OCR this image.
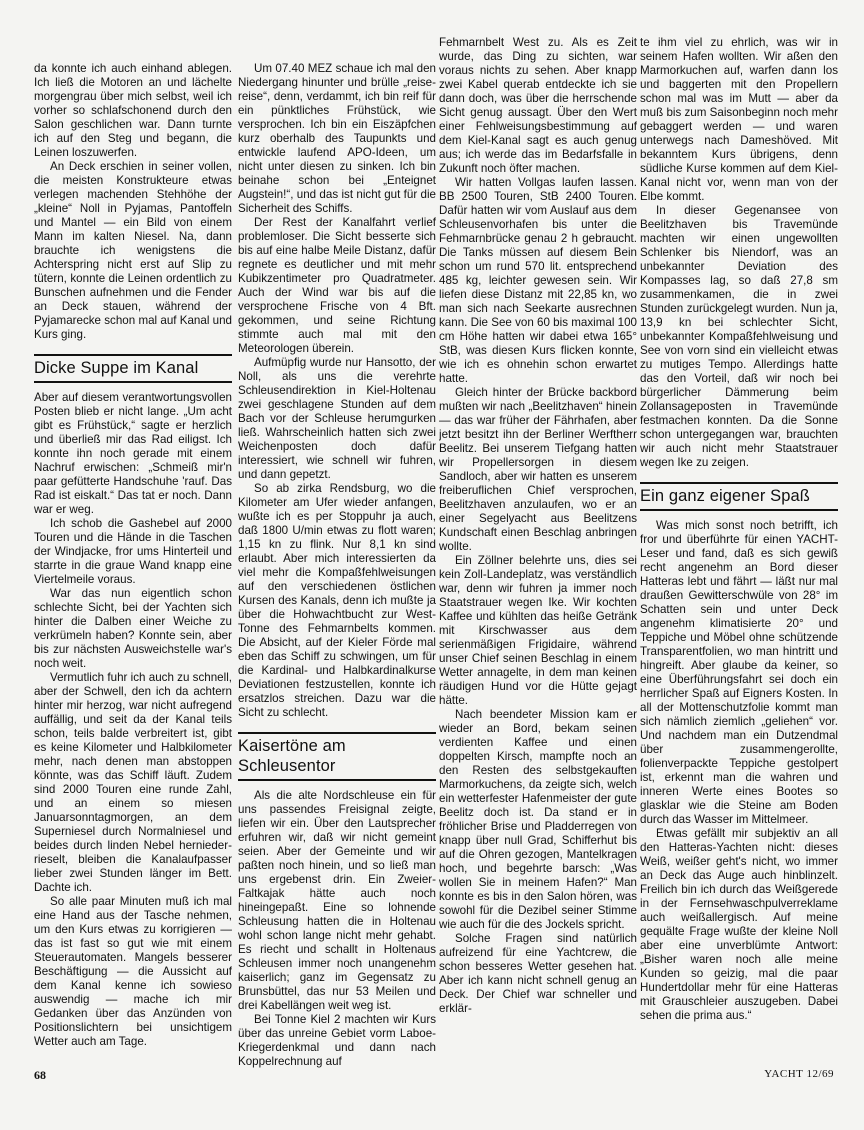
da konnte ich auch einhand ablegen. Ich ließ die Motoren an und lächelte morgengrau über mich selbst, weil ich vorher so schlafschonend durch den Salon geschlichen war. Dann turnte ich auf den Steg und begann, die Leinen loszuwerfen.

An Deck erschien in seiner vollen, die meisten Konstrukteure etwas verlegen machenden Stehhöhe der „kleine“ Noll in Pyjamas, Pantoffeln und Mantel — ein Bild von einem Mann im kalten Niesel. Na, dann brauchte ich wenigstens die Achterspring nicht erst auf Slip zu tütern, konnte die Leinen ordentlich zu Bunschen aufnehmen und die Fender an Deck stauen, während der Pyjamarecke schon mal auf Kanal und Kurs ging.

Dicke Suppe im Kanal

Aber auf diesem verantwortungsvollen Posten blieb er nicht lange. „Um acht gibt es Frühstück,“ sagte er herzlich und überließ mir das Rad eiligst. Ich konnte ihn noch gerade mit einem Nachruf erwischen: „Schmeiß mir'n paar gefütterte Handschuhe 'rauf. Das Rad ist eiskalt.“ Das tat er noch. Dann war er weg.

Ich schob die Gashebel auf 2000 Touren und die Hände in die Taschen der Windjacke, fror ums Hinterteil und starrte in die graue Wand knapp eine Viertelmeile voraus.

War das nun eigentlich schon schlechte Sicht, bei der Yachten sich hinter die Dalben einer Weiche zu verkrümeln haben? Konnte sein, aber bis zur nächsten Ausweichstelle war's noch weit.

Vermutlich fuhr ich auch zu schnell, aber der Schwell, den ich da achtern hinter mir herzog, war nicht aufregend auffällig, und seit da der Kanal teils schon, teils balde verbreitert ist, gibt es keine Kilometer und Halbkilometer mehr, nach denen man abstoppen könnte, was das Schiff läuft. Zudem sind 2000 Touren eine runde Zahl, und an einem so miesen Januarsonntagmorgen, an dem Superniesel durch Normalniesel und beides durch linden Nebel herniederrieselt, bleiben die Kanalaufpasser lieber zwei Stunden länger im Bett. Dachte ich.

So alle paar Minuten muß ich mal eine Hand aus der Tasche nehmen, um den Kurs etwas zu korrigieren — das ist fast so gut wie mit einem Steuerautomaten. Mangels besserer Beschäftigung — die Aussicht auf dem Kanal kenne ich sowieso auswendig — mache ich mir Gedanken über das Anzünden von Positionslichtern bei unsichtigem Wetter auch am Tage.

Um 07.40 MEZ schaue ich mal den Niedergang hinunter und brülle „reise-reise“, denn, verdammt, ich bin reif für ein pünktliches Frühstück, wie versprochen. Ich bin ein Eiszäpfchen kurz oberhalb des Taupunkts und entwickle laufend APO-Ideen, um nicht unter diesen zu sinken. Ich bin beinahe schon bei „Enteignet Augstein!“, und das ist nicht gut für die Sicherheit des Schiffs.

Der Rest der Kanalfahrt verlief problemloser. Die Sicht besserte sich bis auf eine halbe Meile Distanz, dafür regnete es deutlicher und mit mehr Kubikzentimeter pro Quadratmeter. Auch der Wind war bis auf die versprochene Frische von 4 Bft. gekommen, und seine Richtung stimmte auch mal mit den Meteorologen überein.

Aufmüpfig wurde nur Hansotto, der Noll, als uns die verehrte Schleusendirektion in Kiel-Holtenau zwei geschlagene Stunden auf dem Bach vor der Schleuse herumgurken ließ. Wahrscheinlich hatten sich zwei Weichenposten doch dafür interessiert, wie schnell wir fuhren, und dann gepetzt.

So ab zirka Rendsburg, wo die Kilometer am Ufer wieder anfangen, wußte ich es per Stoppuhr ja auch, daß 1800 U/min etwas zu flott waren; 1,15 kn zu flink. Nur 8,1 kn sind erlaubt. Aber mich interessierten da viel mehr die Kompaßfehlweisungen auf den verschiedenen östlichen Kursen des Kanals, denn ich mußte ja über die Hohwachtbucht zur West-Tonne des Fehmarnbelts kommen. Die Absicht, auf der Kieler Förde mal eben das Schiff zu schwingen, um für die Kardinal- und Halbkardinalkurse Deviationen festzustellen, konnte ich ersatzlos streichen. Dazu war die Sicht zu schlecht.

Kaisertöne am Schleusentor

Als die alte Nordschleuse ein für uns passendes Freisignal zeigte, liefen wir ein. Über den Lautsprecher erfuhren wir, daß wir nicht gemeint seien. Aber der Gemeinte und wir paßten noch hinein, und so ließ man uns ergebenst drin. Ein Zweier-Faltkajak hätte auch noch hineingepaßt. Eine so lohnende Schleusung hatten die in Holtenau wohl schon lange nicht mehr gehabt. Es riecht und schallt in Holtenaus Schleusen immer noch unangenehm kaiserlich; ganz im Gegensatz zu Brunsbüttel, das nur 53 Meilen und drei Kabellängen weit weg ist.

Bei Tonne Kiel 2 machten wir Kurs über das unreine Gebiet vorm Laboe-Kriegerdenkmal und dann nach Koppelrechnung auf

Fehmarnbelt West zu. Als es Zeit wurde, das Ding zu sichten, war voraus nichts zu sehen. Aber knapp zwei Kabel querab entdeckte ich sie dann doch, was über die herrschende Sicht genug aussagt. Über den Wert einer Fehlweisungsbestimmung auf dem Kiel-Kanal sagt es auch genug aus; ich werde das im Bedarfsfalle in Zukunft noch öfter machen.

Wir hatten Vollgas laufen lassen. BB 2500 Touren, StB 2400 Touren. Dafür hatten wir vom Auslauf aus dem Schleusenvorhafen bis unter die Fehmarnbrücke genau 2 h gebraucht. Die Tanks müssen auf diesem Bein schon um rund 570 lit. entsprechend 485 kg, leichter gewesen sein. Wir liefen diese Distanz mit 22,85 kn, wo man sich nach Seekarte ausrechnen kann. Die See von 60 bis maximal 100 cm Höhe hatten wir dabei etwa 165° StB, was diesen Kurs flicken konnte, wie ich es ohnehin schon erwartet hatte.

Gleich hinter der Brücke backbord mußten wir nach „Beelitzhaven“ hinein — das war früher der Fährhafen, aber jetzt besitzt ihn der Berliner Werftherr Beelitz. Bei unserem Tiefgang hatten wir Propellersorgen in diesem Sandloch, aber wir hatten es unserem freiberuflichen Chief versprochen, Beelitzhaven anzulaufen, wo er an einer Segelyacht aus Beelitzens Kundschaft einen Beschlag anbringen wollte.

Ein Zöllner belehrte uns, dies sei kein Zoll-Landeplatz, was verständlich war, denn wir fuhren ja immer noch Staatstrauer wegen Ike. Wir kochten Kaffee und kühlten das heiße Getränk mit Kirschwasser aus dem serienmäßigen Frigidaire, während unser Chief seinen Beschlag in einem Wetter annagelte, in dem man keinen räudigen Hund vor die Hütte gejagt hätte.

Nach beendeter Mission kam er wieder an Bord, bekam seinen verdienten Kaffee und einen doppelten Kirsch, mampfte noch an den Resten des selbstgekauften Marmorkuchens, da zeigte sich, welch ein wetterfester Hafenmeister der gute Beelitz doch ist. Da stand er in fröhlicher Brise und Pladderregen von knapp über null Grad, Schifferhut bis auf die Ohren gezogen, Mantelkragen hoch, und begehrte barsch: „Was wollen Sie in meinem Hafen?“ Man konnte es bis in den Salon hören, was sowohl für die Dezibel seiner Stimme wie auch für die des Jockels spricht.

Solche Fragen sind natürlich aufreizend für eine Yachtcrew, die schon besseres Wetter gesehen hat. Aber ich kann nicht schnell genug an Deck. Der Chief war schneller und erklär-

te ihm viel zu ehrlich, was wir in seinem Hafen wollten. Wir aßen den Marmorkuchen auf, warfen dann los und baggerten mit den Propellern schon mal was im Mutt — aber da muß bis zum Saisonbeginn noch mehr gebaggert werden — und waren unterwegs nach Dameshöved. Mit bekanntem Kurs übrigens, denn südliche Kurse kommen auf dem Kiel-Kanal nicht vor, wenn man von der Elbe kommt.

In dieser Gegenansee von Beelitzhaven bis Travemünde machten wir einen ungewollten Schlenker bis Niendorf, was an unbekannter Deviation des Kompasses lag, so daß 27,8 sm zusammenkamen, die in zwei Stunden zurückgelegt wurden. Nun ja, 13,9 kn bei schlechter Sicht, unbekannter Kompaßfehlweisung und See von vorn sind ein vielleicht etwas zu mutiges Tempo. Allerdings hatte das den Vorteil, daß wir noch bei bürgerlicher Dämmerung beim Zollansageposten in Travemünde festmachen konnten. Da die Sonne schon untergegangen war, brauchten wir auch nicht mehr Staatstrauer wegen Ike zu zeigen.

Ein ganz eigener Spaß

Was mich sonst noch betrifft, ich fror und überführte für einen YACHT-Leser und fand, daß es sich gewiß recht angenehm an Bord dieser Hatteras lebt und fährt — läßt nur mal draußen Gewitterschwüle von 28° im Schatten sein und unter Deck angenehm klimatisierte 20° und Teppiche und Möbel ohne schützende Transparentfolien, wo man hintritt und hingreift. Aber glaube da keiner, so eine Überführungsfahrt sei doch ein herrlicher Spaß auf Eigners Kosten. In all der Mottenschutzfolie kommt man sich nämlich ziemlich „geliehen“ vor. Und nachdem man ein Dutzendmal über zusammengerollte, folienverpackte Teppiche gestolpert ist, erkennt man die wahren und inneren Werte eines Bootes so glasklar wie die Steine am Boden durch das Wasser im Mittelmeer.

Etwas gefällt mir subjektiv an all den Hatteras-Yachten nicht: dieses Weiß, weißer geht's nicht, wo immer an Deck das Auge auch hinblinzelt. Freilich bin ich durch das Weißgerede in der Fernsehwaschpulverreklame auch weißallergisch. Auf meine gequälte Frage wußte der kleine Noll aber eine unverblümte Antwort: „Bisher waren noch alle meine Kunden so geizig, mal die paar Hundertdollar mehr für eine Hatteras mit Grauschleier auszugeben. Dabei sehen die prima aus.“

68	YACHT 12/69
